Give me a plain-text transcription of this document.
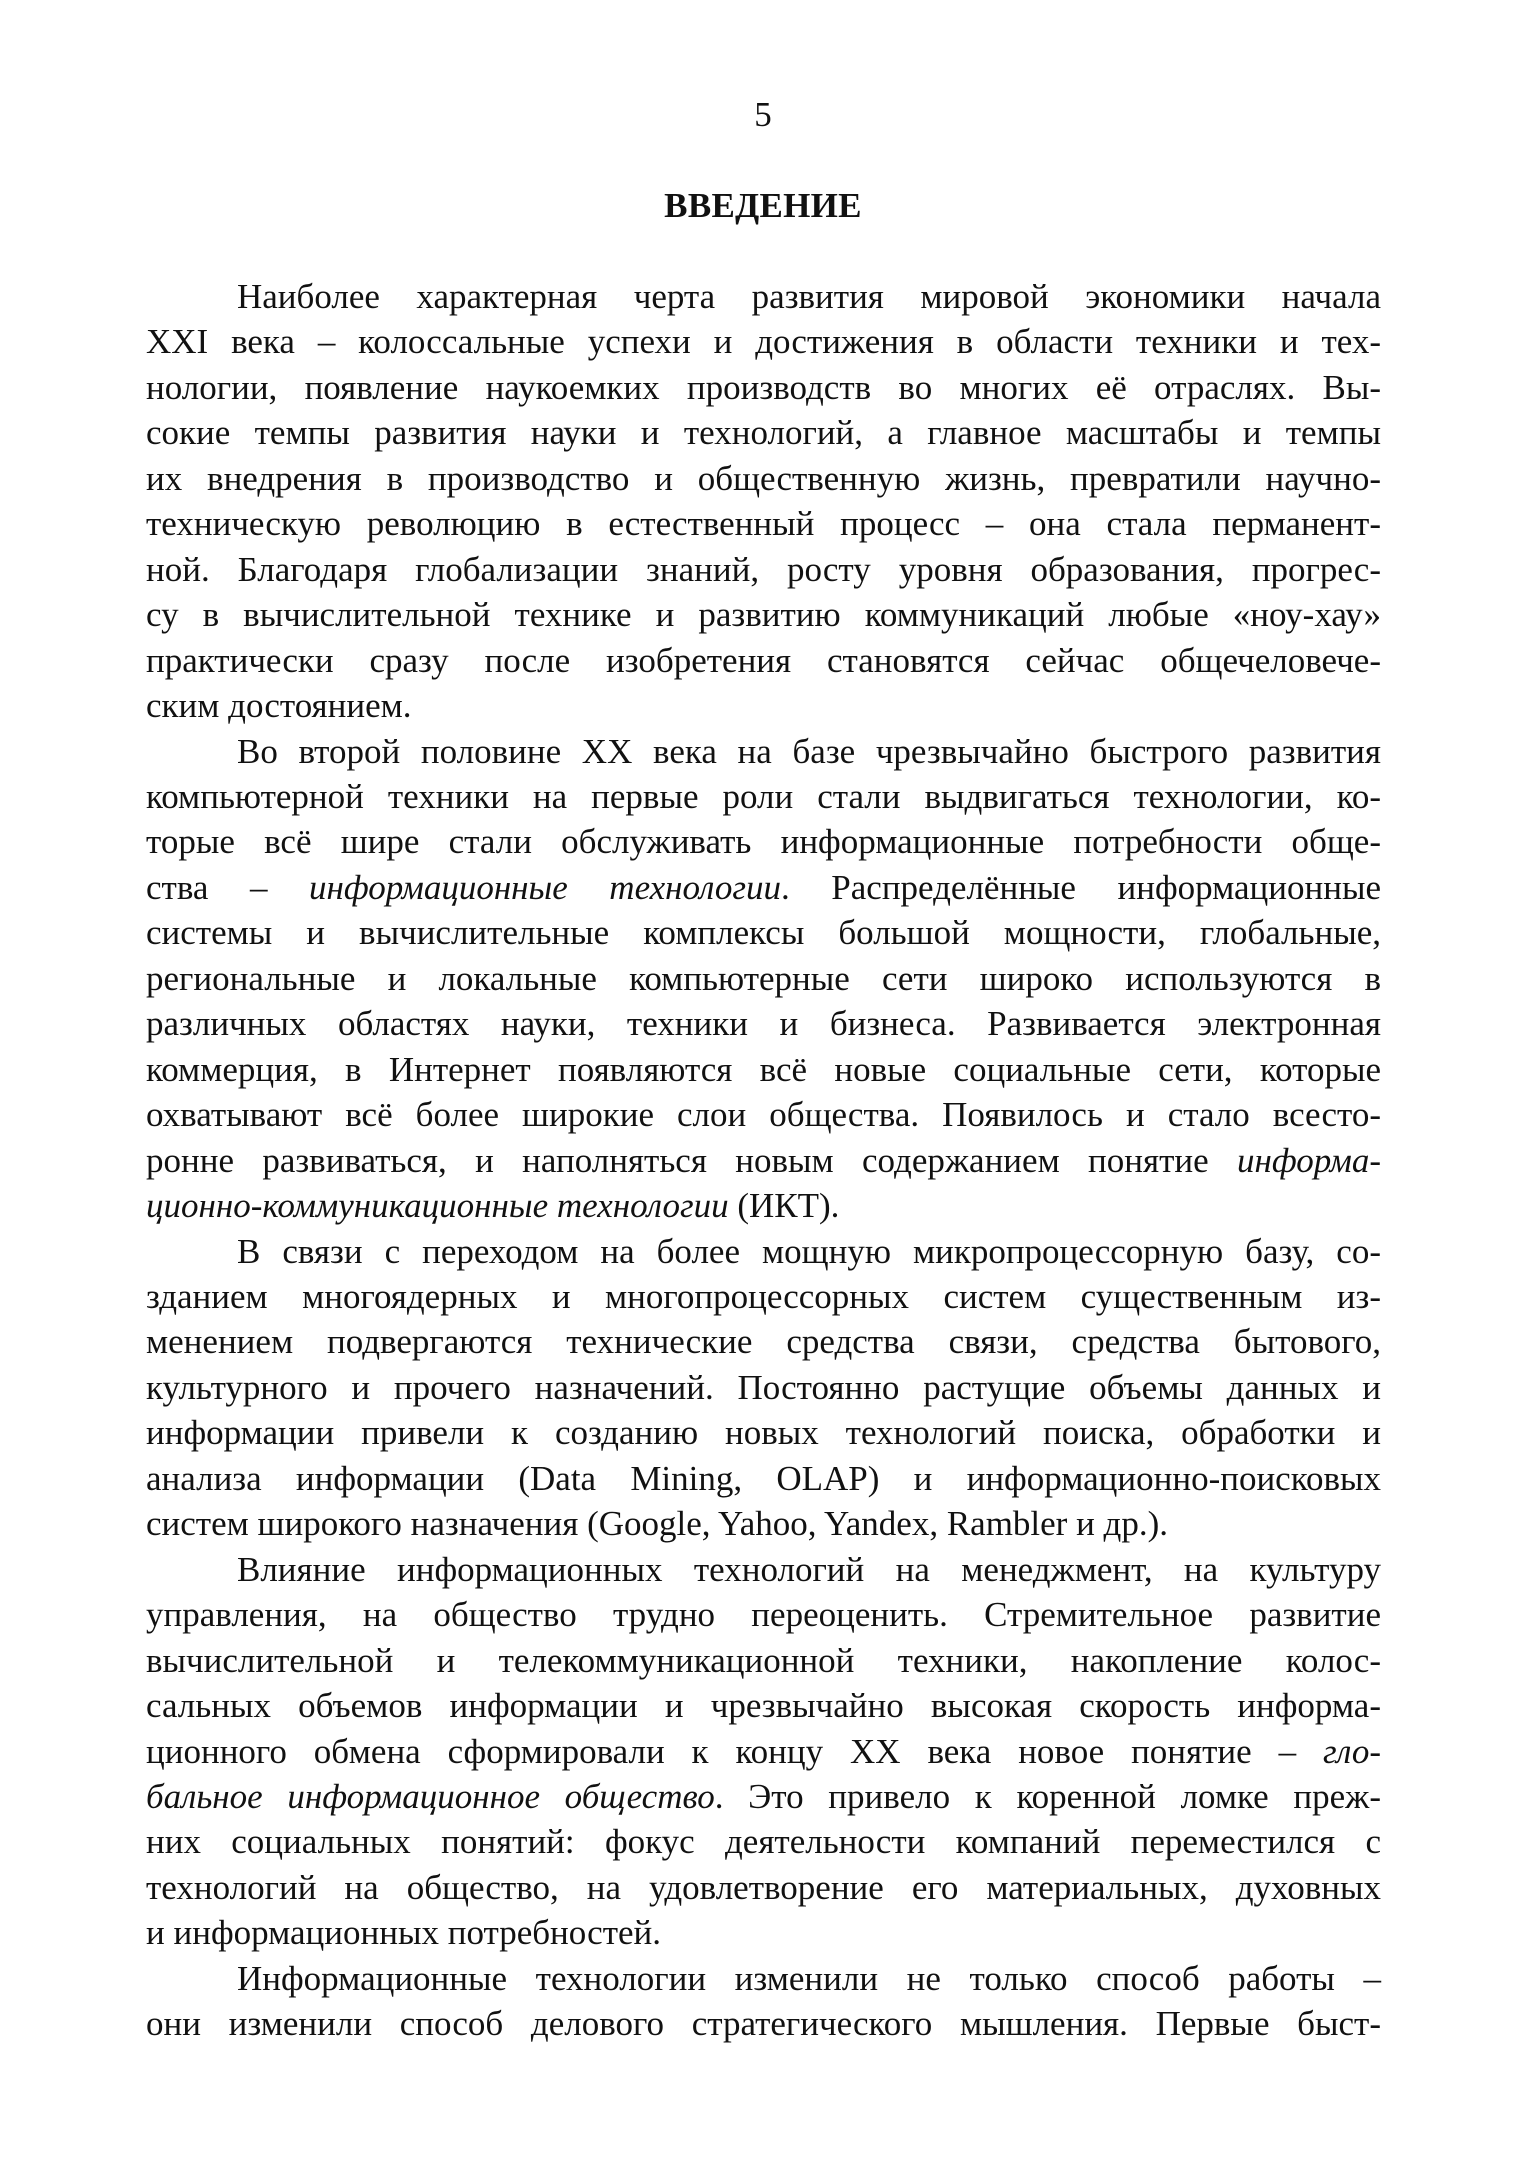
5
ВВЕДЕНИЕ
Наиболее характерная черта развития мировой экономики начала
XXI века – колоссальные успехи и достижения в области техники и тех-
нологии, появление наукоемких производств во многих её отраслях. Вы-
сокие темпы развития науки и технологий, а главное масштабы и темпы
их внедрения в производство и общественную жизнь, превратили научно-
техническую революцию в естественный процесс – она стала перманент-
ной. Благодаря глобализации знаний, росту уровня образования, прогрес-
су в вычислительной технике и развитию коммуникаций любые «ноу-хау»
практически сразу после изобретения становятся сейчас общечеловече-
ским достоянием.
Во второй половине XX века на базе чрезвычайно быстрого развития
компьютерной техники на первые роли стали выдвигаться технологии, ко-
торые всё шире стали обслуживать информационные потребности обще-
ства – информационные технологии. Распределённые информационные
системы и вычислительные комплексы большой мощности, глобальные,
региональные и локальные компьютерные сети широко используются в
различных областях науки, техники и бизнеса. Развивается электронная
коммерция, в Интернет появляются всё новые социальные сети, которые
охватывают всё более широкие слои общества. Появилось и стало всесто-
ронне развиваться, и наполняться новым содержанием понятие информа-
ционно-коммуникационные технологии (ИКТ).
В связи с переходом на более мощную микропроцессорную базу, со-
зданием многоядерных и многопроцессорных систем существенным из-
менением подвергаются технические средства связи, средства бытового,
культурного и прочего назначений. Постоянно растущие объемы данных и
информации привели к созданию новых технологий поиска, обработки и
анализа информации (Data Mining, OLAP) и информационно-поисковых
систем широкого назначения (Google, Yahoo, Yandex, Rambler и др.).
Влияние информационных технологий на менеджмент, на культуру
управления, на общество трудно переоценить. Стремительное развитие
вычислительной и телекоммуникационной техники, накопление колос-
сальных объемов информации и чрезвычайно высокая скорость информа-
ционного обмена сформировали к концу XX века новое понятие – гло-
бальное информационное общество. Это привело к коренной ломке преж-
них социальных понятий: фокус деятельности компаний переместился с
технологий на общество, на удовлетворение его материальных, духовных
и информационных потребностей.
Информационные технологии изменили не только способ работы –
они изменили способ делового стратегического мышления. Первые быст-
